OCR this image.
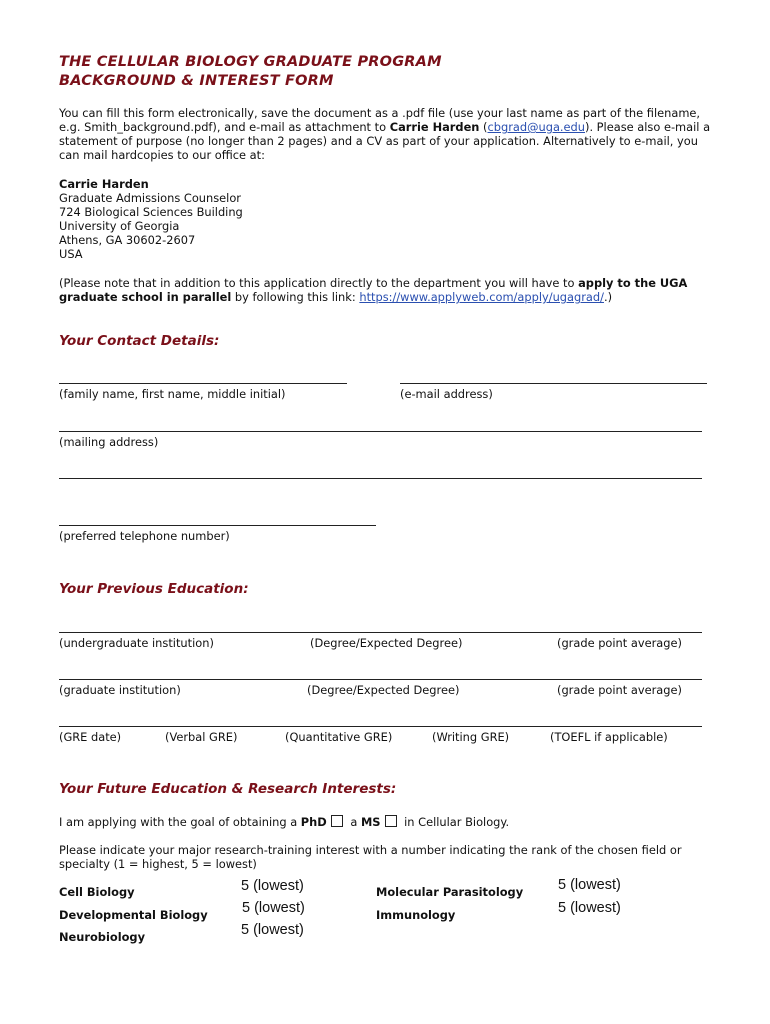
THE CELLULAR BIOLOGY GRADUATE PROGRAM
BACKGROUND & INTEREST FORM

You can fill this form electronically, save the document as a .pdf file (use your last name as part of the filename, e.g. Smith_background.pdf), and e-mail as attachment to Carrie Harden (cbgrad@uga.edu). Please also e-mail a statement of purpose (no longer than 2 pages) and a CV as part of your application. Alternatively to e-mail, you can mail hardcopies to our office at:

Carrie Harden
Graduate Admissions Counselor
724 Biological Sciences Building
University of Georgia
Athens, GA 30602-2607
USA

(Please note that in addition to this application directly to the department you will have to apply to the UGA graduate school in parallel by following this link: https://www.applyweb.com/apply/ugagrad/.)

Your Contact Details:
(family name, first name, middle initial)	(e-mail address)
(mailing address)
(preferred telephone number)
Your Previous Education:
(undergraduate institution)	(Degree/Expected Degree)	(grade point average)
(graduate institution)	(Degree/Expected Degree)	(grade point average)
(GRE date)	(Verbal GRE)	(Quantitative GRE)	(Writing GRE)	(TOEFL if applicable)
Your Future Education & Research Interests:
I am applying with the goal of obtaining a PhD a MS in Cellular Biology.

Please indicate your major research-training interest with a number indicating the rank of the chosen field or specialty (1 = highest, 5 = lowest)

Cell Biology	5 (lowest)
Developmental Biology 5 (lowest)
Neurobiology	5 (lowest)
Molecular Parasitology 5 (lowest)
Immunology	5 (lowest)
